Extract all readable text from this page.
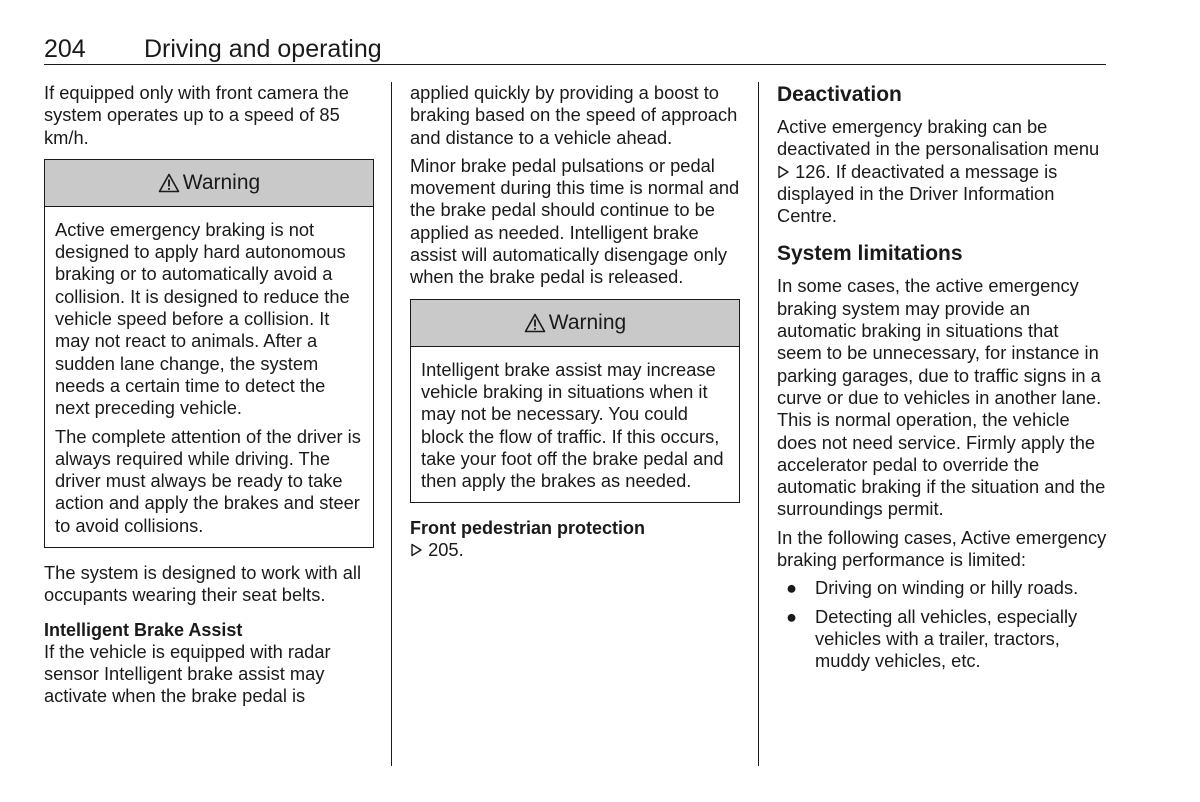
204 Driving and operating

If equipped only with front camera the system operates up to a speed of 85 km/h.

Warning

Active emergency braking is not designed to apply hard autonomous braking or to automatically avoid a collision. It is designed to reduce the vehicle speed before a collision. It may not react to animals. After a sudden lane change, the system needs a certain time to detect the next preceding vehicle.

The complete attention of the driver is always required while driving. The driver must always be ready to take action and apply the brakes and steer to avoid collisions.

The system is designed to work with all occupants wearing their seat belts.

Intelligent Brake Assist

If the vehicle is equipped with radar sensor Intelligent brake assist may activate when the brake pedal is

applied quickly by providing a boost to braking based on the speed of approach and distance to a vehicle ahead.

Minor brake pedal pulsations or pedal movement during this time is normal and the brake pedal should continue to be applied as needed. Intelligent brake assist will automatically disengage only when the brake pedal is released.

Warning

Intelligent brake assist may increase vehicle braking in situations when it may not be necessary. You could block the flow of traffic. If this occurs, take your foot off the brake pedal and then apply the brakes as needed.

Front pedestrian protection

205.

Deactivation

Active emergency braking can be deactivated in the personalisation menu  126. If deactivated a message is displayed in the Driver Information Centre.

System limitations

In some cases, the active emergency braking system may provide an automatic braking in situations that seem to be unnecessary, for instance in parking garages, due to traffic signs in a curve or due to vehicles in another lane. This is normal operation, the vehicle does not need service. Firmly apply the accelerator pedal to override the automatic braking if the situation and the surroundings permit.

In the following cases, Active emergency braking performance is limited:

● Driving on winding or hilly roads.
● Detecting all vehicles, especially vehicles with a trailer, tractors, muddy vehicles, etc.
